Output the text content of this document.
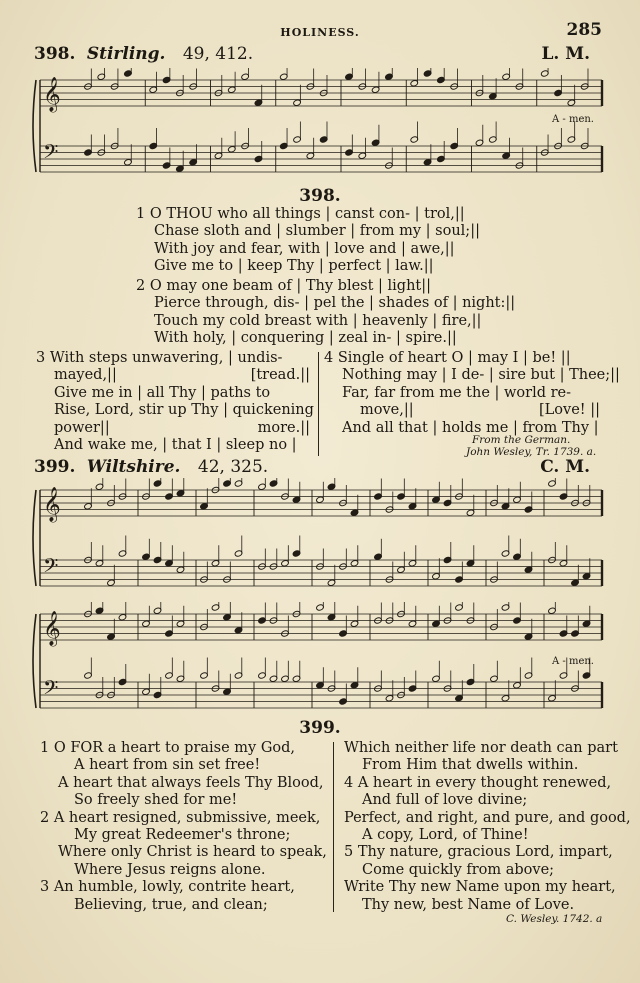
HOLINESS.	285
398. Stirling. 49, 412.	L. M.
𝄞
𝄢
A - men.
398.
1 O THOU who all things | canst con- | trol,||
Chase sloth and | slumber | from my | soul;||
With joy and fear, with | love and | awe,||
Give me to | keep Thy | perfect | law.||
2 O may one beam of | Thy blest | light||
Pierce through, dis- | pel the | shades of | night:||
Touch my cold breast with | heavenly | fire,||
With holy, | conquering | zeal in- | spire.||
3 With steps unwavering, | undis-
mayed,||	[tread.||
Give me in | all Thy | paths to
Rise, Lord, stir up Thy | quickening
power||	more.||
And wake me, | that I | sleep no |
4 Single of heart O | may I | be! ||
Nothing may | I de- | sire but | Thee;||
Far, far from me the | world re-
move,||	[Love! ||
And all that | holds me | from Thy |
From the German.
John Wesley, Tr. 1739. a.
399. Wiltshire. 42, 325.	C. M.
𝄞
𝄢
𝄞
𝄢
A - men.
399.
1 O FOR a heart to praise my God,
A heart from sin set free!
A heart that always feels Thy Blood,
So freely shed for me!
2 A heart resigned, submissive, meek,
My great Redeemer's throne;
Where only Christ is heard to speak,
Where Jesus reigns alone.
3 An humble, lowly, contrite heart,
Believing, true, and clean;
Which neither life nor death can part
From Him that dwells within.
4 A heart in every thought renewed,
And full of love divine;
Perfect, and right, and pure, and good,
A copy, Lord, of Thine!
5 Thy nature, gracious Lord, impart,
Come quickly from above;
Write Thy new Name upon my heart,
Thy new, best Name of Love.
C. Wesley. 1742. a
